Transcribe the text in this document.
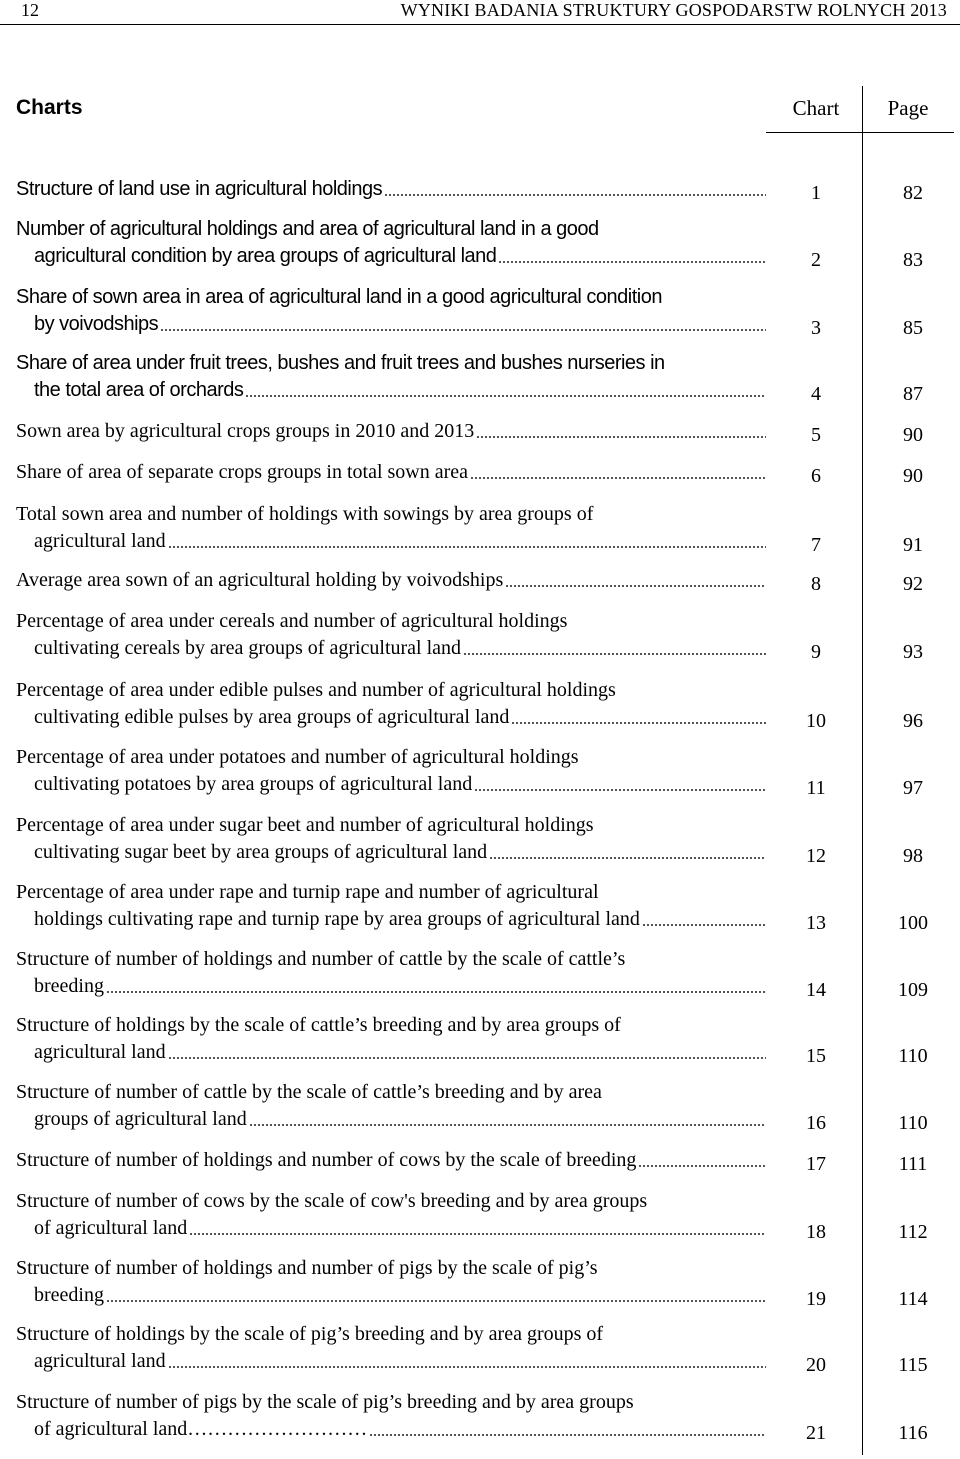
12	WYNIKI BADANIA STRUKTURY GOSPODARSTW ROLNYCH 2013
Charts	Chart	Page
Structure of land use in agricultural holdings	1	82
Number of agricultural holdings and area of agricultural land in a good
agricultural condition by area groups of agricultural land	2	83
Share of sown area in area of agricultural land in a good agricultural condition
by voivodships	3	85
Share of area under fruit trees, bushes and fruit trees and bushes nurseries in
the total area of orchards	4	87
Sown area by agricultural crops groups in 2010 and 2013	5	90
Share of area of separate crops groups in total sown area	6	90
Total sown area and number of holdings with sowings by area groups of
agricultural land	7	91
Average area sown of an agricultural holding by voivodships	8	92
Percentage of area under cereals and number of agricultural holdings
cultivating cereals by area groups of agricultural land	9	93
Percentage of area under edible pulses and number of agricultural holdings
cultivating edible pulses by area groups of agricultural land	10	96
Percentage of area under potatoes and number of agricultural holdings
cultivating potatoes by area groups of agricultural land	11	97
Percentage of area under sugar beet and number of agricultural holdings
cultivating sugar beet by area groups of agricultural land	12	98
Percentage of area under rape and turnip rape and number of agricultural
holdings cultivating rape and turnip rape by area groups of agricultural land	13	100
Structure of number of holdings and number of cattle by the scale of cattle’s
breeding	14	109
Structure of holdings by the scale of cattle’s breeding and by area groups of
agricultural land	15	110
Structure of number of cattle by the scale of cattle’s breeding and by area
groups of agricultural land	16	110
Structure of number of holdings and number of cows by the scale of breeding	17	111
Structure of number of cows by the scale of cow's breeding and by area groups
of agricultural land	18	112
Structure of number of holdings and number of pigs by the scale of pig’s
breeding	19	114
Structure of holdings by the scale of pig’s breeding and by area groups of
agricultural land	20	115
Structure of number of pigs by the scale of pig’s breeding and by area groups
of agricultural land………………………	21	116
